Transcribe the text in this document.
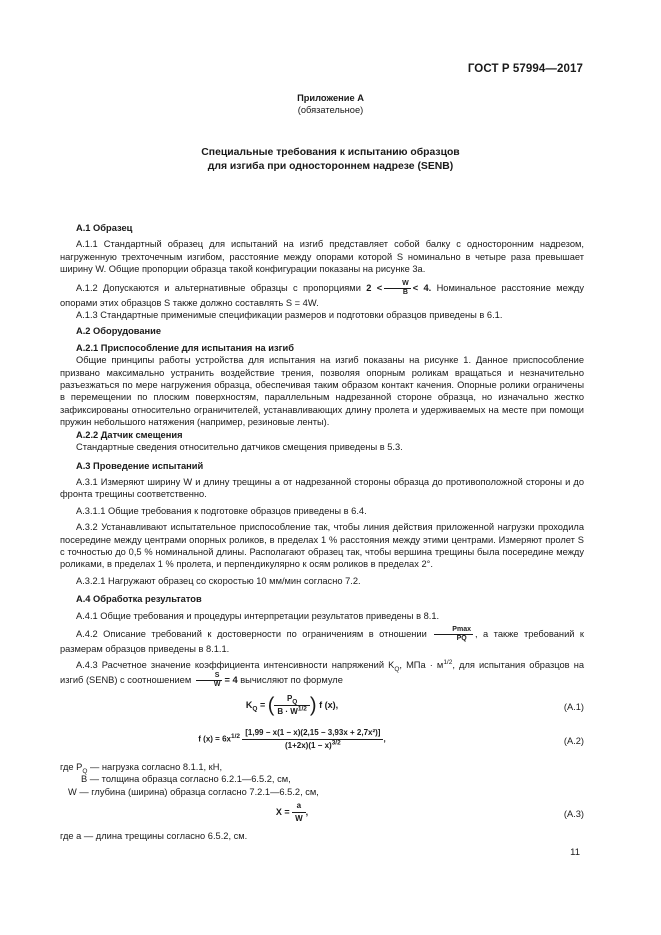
ГОСТ Р 57994—2017
Приложение А
(обязательное)
Специальные требования к испытанию образцов
для изгиба при одностороннем надрезе (SENB)

А.1 Образец

А.1.1 Стандартный образец для испытаний на изгиб представляет собой балку с односторонним надрезом, нагруженную трехточечным изгибом, расстояние между опорами которой S номинально в четыре раза превышает ширину W. Общие пропорции образца такой конфигурации показаны на рисунке 3а.

А.1.2 Допускаются и альтернативные образцы с пропорциями $2 < \frac{W}{B} < 4$. Номинальное расстояние между опорами этих образцов S также должно составлять S = 4W.

А.1.3 Стандартные применимые спецификации размеров и подготовки образцов приведены в 6.1.

А.2 Оборудование

А.2.1 Приспособление для испытания на изгиб

Общие принципы работы устройства для испытания на изгиб показаны на рисунке 1. Данное приспособление призвано максимально устранить воздействие трения, позволяя опорным роликам вращаться и незначительно разъезжаться по мере нагружения образца, обеспечивая таким образом контакт качения. Опорные ролики ограничены в перемещении по плоским поверхностям, параллельным надрезанной стороне образца, но изначально жестко зафиксированы относительно ограничителей, устанавливающих длину пролета и удерживаемых на месте при помощи пружин небольшого натяжения (например, резиновые ленты).

А.2.2 Датчик смещения

Стандартные сведения относительно датчиков смещения приведены в 5.3.

А.3 Проведение испытаний

А.3.1 Измеряют ширину W и длину трещины a от надрезанной стороны образца до противоположной стороны и до фронта трещины соответственно.

А.3.1.1 Общие требования к подготовке образцов приведены в 6.4.

А.3.2 Устанавливают испытательное приспособление так, чтобы линия действия приложенной нагрузки проходила посередине между центрами опорных роликов, в пределах 1 % расстояния между этими центрами. Измеряют пролет S с точностью до 0,5 % номинальной длины. Располагают образец так, чтобы вершина трещины была посередине между роликами, в пределах 1 % пролета, и перпендикулярно к осям роликов в пределах 2°.

А.3.2.1 Нагружают образец со скоростью 10 мм/мин согласно 7.2.

А.4 Обработка результатов

А.4.1 Общие требования и процедуры интерпретации результатов приведены в 8.1.

А.4.2 Описание требований к достоверности по ограничениям в отношении $\frac{Pmax}{PQ}$ , а также требований к размерам образцов приведены в 8.1.1.

А.4.3 Расчетное значение коэффициента интенсивности напряжений $K_Q$, МПа · $м^{1/2}$, для испытания образцов на изгиб (SENB) с соотношением $\frac{S}{W} = 4$ вычисляют по формуле

$K_Q$ = ( $\frac{P_Q}{B \cdot W^{1/2}}$ ) f (x),	(А.1)
f $(x) = 6x^{1/2} \frac{\text{[1,99 − x(1 − x)(2,15 − 3,93x + 2,7x²)]}}{(1+2x)(1 - x)^{3/2}}$ ,	(А.2)

где $P_Q$ — нагрузка согласно 8.1.1, кН,

B — толщина образца согласно 6.2.1—6.5.2, см,

W — глубина (ширина) образца согласно 7.2.1—6.5.2, см,

$X = \frac{a}{W}$ ,	(А.3)

где a — длина трещины согласно 6.5.2, см.

11
